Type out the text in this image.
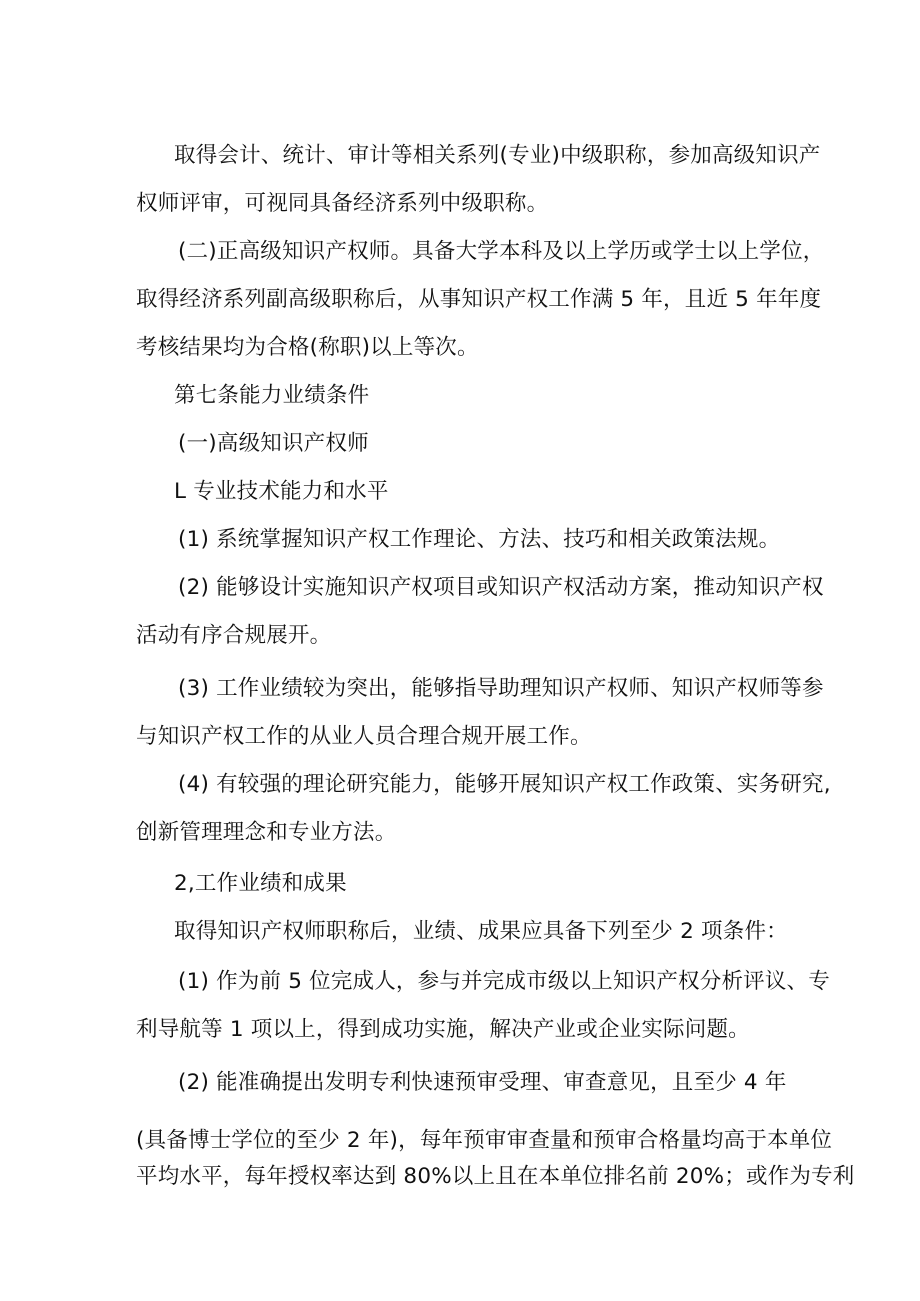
取得会计、统计、审计等相关系列(专业)中级职称，参加高级知识产

权师评审，可视同具备经济系列中级职称。

(二)正高级知识产权师。具备大学本科及以上学历或学士以上学位，

取得经济系列副高级职称后，从事知识产权工作满 5 年，且近 5 年年度

考核结果均为合格(称职)以上等次。

第七条能力业绩条件

(一)高级知识产权师

L 专业技术能力和水平

(1) 系统掌握知识产权工作理论、方法、技巧和相关政策法规。

(2) 能够设计实施知识产权项目或知识产权活动方案，推动知识产权

活动有序合规展开。

(3) 工作业绩较为突出，能够指导助理知识产权师、知识产权师等参

与知识产权工作的从业人员合理合规开展工作。

(4) 有较强的理论研究能力，能够开展知识产权工作政策、实务研究,

创新管理理念和专业方法。

2,工作业绩和成果

取得知识产权师职称后，业绩、成果应具备下列至少 2 项条件：

(1) 作为前 5 位完成人，参与并完成市级以上知识产权分析评议、专

利导航等 1 项以上，得到成功实施，解决产业或企业实际问题。

(2) 能准确提出发明专利快速预审受理、审查意见，且至少 4 年

(具备博士学位的至少 2 年)，每年预审审查量和预审合格量均高于本单位

平均水平，每年授权率达到 80%以上且在本单位排名前 20%；或作为专利
